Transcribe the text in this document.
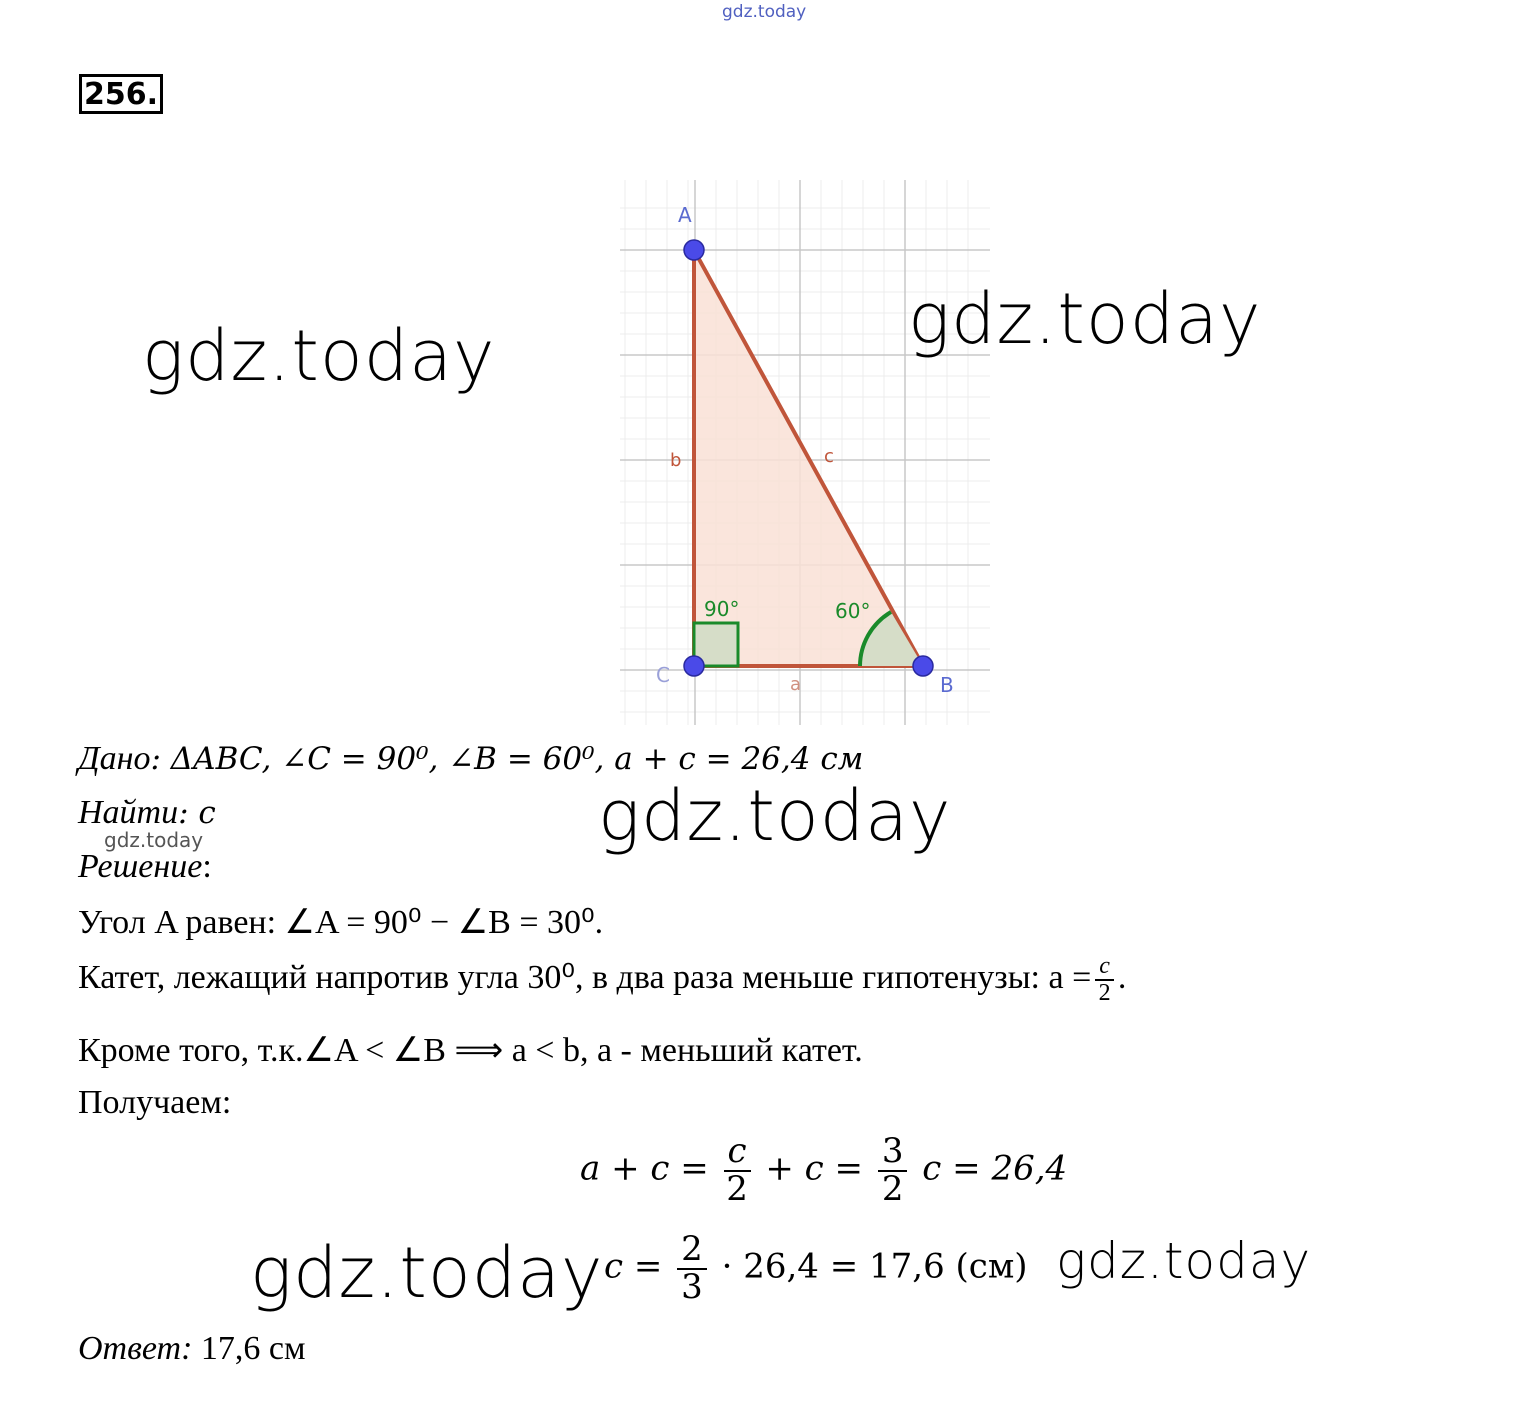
gdz.today
256.
A
B
C	a
b	c
90°	60°
gdz.today	gdz.today
gdz.today
gdz.today	gdz.today
gdz.today
Дано: ΔABC, ∠C = 90⁰, ∠B = 60⁰, a + c = 26,4 см
Найти: c
Решение:
Угол A равен: ∠A = 90⁰ − ∠B = 30⁰.
Катет, лежащий напротив угла 30⁰, в два раза меньше гипотенузы: $a = \frac{c}{2}$ .
Кроме того, т.к.∠A < ∠B ⟹ a < b, a - меньший катет.
Получаем:
$a + c = \frac{c}{2} + c = \frac{3}{2}$ c = 26,4
$c = \frac{2}{3} \cdot 26,4 = 17,6$ (см)
Ответ: 17,6 см
